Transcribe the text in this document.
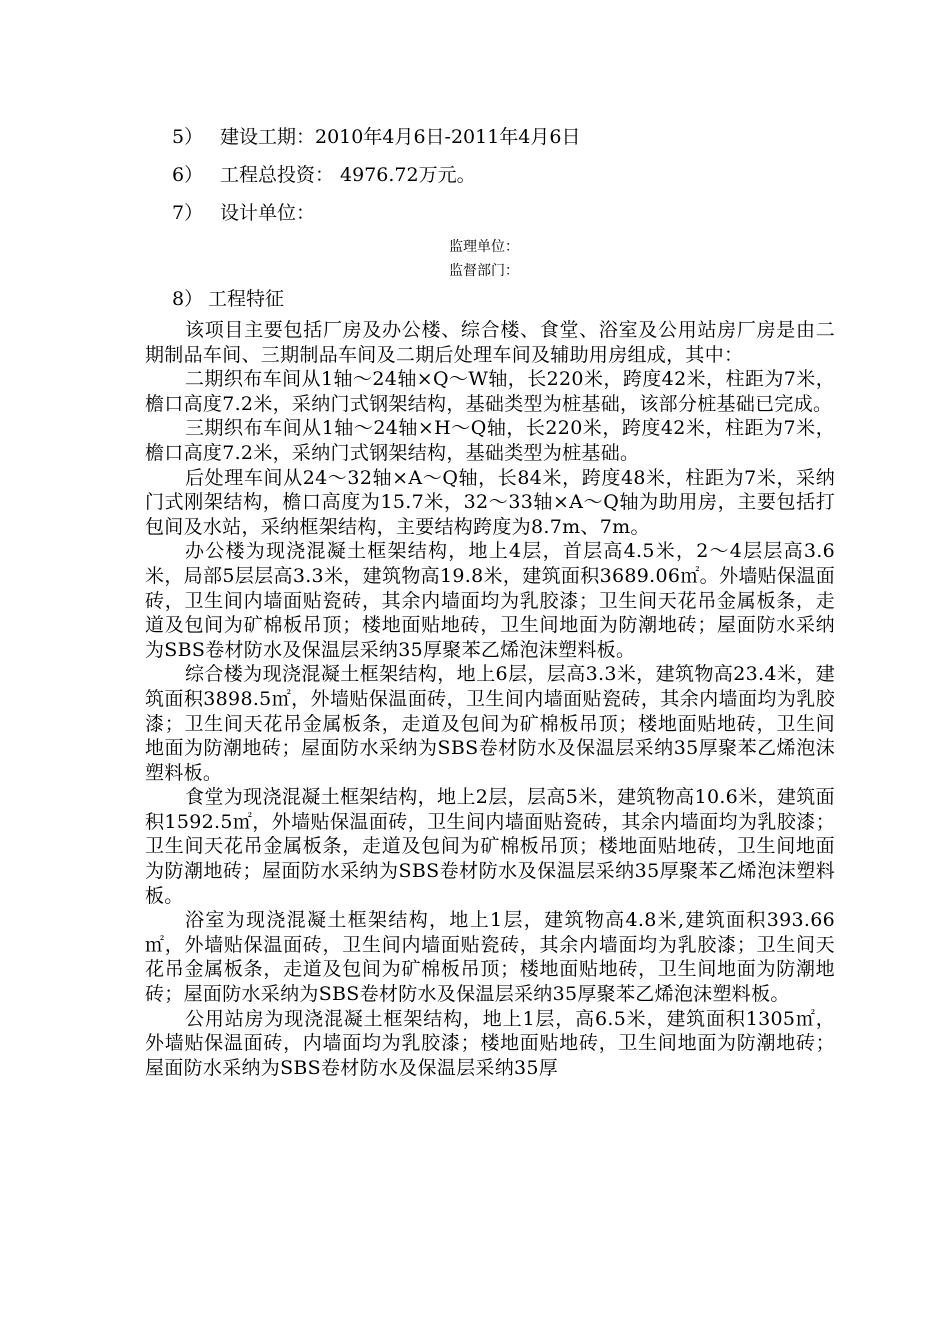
5） 建设工期：2010年4月6日-2011年4月6日
6） 工程总投资： 4976.72万元。
7） 设计单位：
监理单位：
监督部门：
8） 工程特征

该项目主要包括厂房及办公楼、综合楼、食堂、浴室及公用站房厂房是由二期制品车间、三期制品车间及二期后处理车间及辅助用房组成，其中：

二期织布车间从1轴～24轴×Q～W轴，长220米，跨度42米，柱距为7米，檐口高度7.2米，采纳门式钢架结构，基础类型为桩基础，该部分桩基础已完成。

三期织布车间从1轴～24轴×H～Q轴，长220米，跨度42米，柱距为7米，檐口高度7.2米，采纳门式钢架结构，基础类型为桩基础。

后处理车间从24～32轴×A～Q轴，长84米，跨度48米，柱距为7米，采纳门式刚架结构，檐口高度为15.7米，32～33轴×A～Q轴为助用房，主要包括打包间及水站，采纳框架结构，主要结构跨度为8.7m、7m。

办公楼为现浇混凝土框架结构，地上4层，首层高4.5米，2～4层层高3.6米，局部5层层高3.3米，建筑物高19.8米，建筑面积3689.06㎡。外墙贴保温面砖，卫生间内墙面贴瓷砖，其余内墙面均为乳胶漆；卫生间天花吊金属板条，走道及包间为矿棉板吊顶；楼地面贴地砖，卫生间地面为防潮地砖；屋面防水采纳为SBS卷材防水及保温层采纳35厚聚苯乙烯泡沫塑料板。

综合楼为现浇混凝土框架结构，地上6层，层高3.3米，建筑物高23.4米，建筑面积3898.5㎡，外墙贴保温面砖，卫生间内墙面贴瓷砖，其余内墙面均为乳胶漆；卫生间天花吊金属板条，走道及包间为矿棉板吊顶；楼地面贴地砖，卫生间地面为防潮地砖；屋面防水采纳为SBS卷材防水及保温层采纳35厚聚苯乙烯泡沫塑料板。

食堂为现浇混凝土框架结构，地上2层，层高5米，建筑物高10.6米，建筑面积1592.5㎡，外墙贴保温面砖，卫生间内墙面贴瓷砖，其余内墙面均为乳胶漆；卫生间天花吊金属板条，走道及包间为矿棉板吊顶；楼地面贴地砖，卫生间地面为防潮地砖；屋面防水采纳为SBS卷材防水及保温层采纳35厚聚苯乙烯泡沫塑料板。

浴室为现浇混凝土框架结构，地上1层，建筑物高4.8米,建筑面积393.66㎡，外墙贴保温面砖，卫生间内墙面贴瓷砖，其余内墙面均为乳胶漆；卫生间天花吊金属板条，走道及包间为矿棉板吊顶；楼地面贴地砖，卫生间地面为防潮地砖；屋面防水采纳为SBS卷材防水及保温层采纳35厚聚苯乙烯泡沫塑料板。

公用站房为现浇混凝土框架结构，地上1层，高6.5米，建筑面积1305㎡，外墙贴保温面砖，内墙面均为乳胶漆；楼地面贴地砖，卫生间地面为防潮地砖；屋面防水采纳为SBS卷材防水及保温层采纳35厚
